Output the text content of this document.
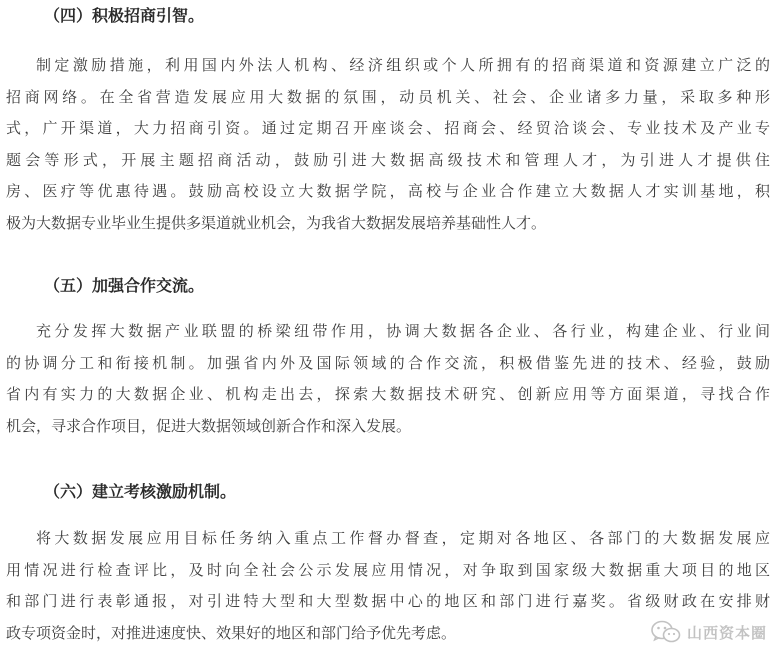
（四）积极招商引智。
制定激励措施，利用国内外法人机构、经济组织或个人所拥有的招商渠道和资源建立广泛的
招商网络。在全省营造发展应用大数据的氛围，动员机关、社会、企业诸多力量，采取多种形
式，广开渠道，大力招商引资。通过定期召开座谈会、招商会、经贸洽谈会、专业技术及产业专
题会等形式，开展主题招商活动，鼓励引进大数据高级技术和管理人才，为引进人才提供住
房、医疗等优惠待遇。鼓励高校设立大数据学院，高校与企业合作建立大数据人才实训基地，积
极为大数据专业毕业生提供多渠道就业机会，为我省大数据发展培养基础性人才。
（五）加强合作交流。
充分发挥大数据产业联盟的桥梁纽带作用，协调大数据各企业、各行业，构建企业、行业间
的协调分工和衔接机制。加强省内外及国际领域的合作交流，积极借鉴先进的技术、经验，鼓励
省内有实力的大数据企业、机构走出去，探索大数据技术研究、创新应用等方面渠道，寻找合作
机会，寻求合作项目，促进大数据领域创新合作和深入发展。
（六）建立考核激励机制。
将大数据发展应用目标任务纳入重点工作督办督查，定期对各地区、各部门的大数据发展应
用情况进行检查评比，及时向全社会公示发展应用情况，对争取到国家级大数据重大项目的地区
和部门进行表彰通报，对引进特大型和大型数据中心的地区和部门进行嘉奖。省级财政在安排财
政专项资金时，对推进速度快、效果好的地区和部门给予优先考虑。	山西资本圈
